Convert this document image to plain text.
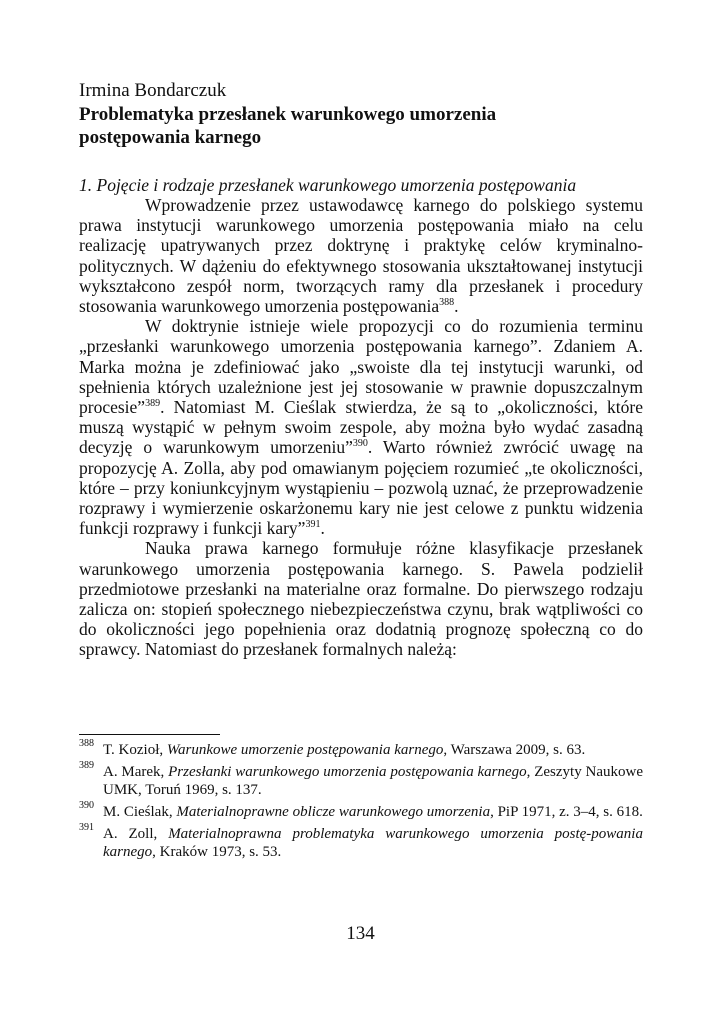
Irmina Bondarczuk
Problematyka przesłanek warunkowego umorzenia
postępowania karnego
1. Pojęcie i rodzaje przesłanek warunkowego umorzenia postępowania

Wprowadzenie przez ustawodawcę karnego do polskiego systemu prawa instytucji warunkowego umorzenia postępowania miało na celu realizację upatrywanych przez doktrynę i praktykę celów kryminalno-politycznych. W dążeniu do efektywnego stosowania ukształtowanej instytucji wykształcono zespół norm, tworzących ramy dla przesłanek i procedury stosowania warunkowego umorzenia postępowania$^{388}$.

W doktrynie istnieje wiele propozycji co do rozumienia terminu „przesłanki warunkowego umorzenia postępowania karnego”. Zdaniem A. Marka można je zdefiniować jako „swoiste dla tej instytucji warunki, od spełnienia których uzależnione jest jej stosowanie w prawnie dopuszczalnym procesie”$^{389}$. Natomiast M. Cieślak stwierdza, że są to „okoliczności, które muszą wystąpić w pełnym swoim zespole, aby można było wydać zasadną decyzję o warunkowym umorzeniu”$^{390}$. Warto również zwrócić uwagę na propozycję A. Zolla, aby pod omawianym pojęciem rozumieć „te okoliczności, które – przy koniunkcyjnym wystąpieniu – pozwolą uznać, że przeprowadzenie rozprawy i wymierzenie oskarżonemu kary nie jest celowe z punktu widzenia funkcji rozprawy i funkcji kary”$^{391}$.

Nauka prawa karnego formułuje różne klasyfikacje przesłanek warunkowego umorzenia postępowania karnego. S. Pawela podzielił przedmiotowe przesłanki na materialne oraz formalne. Do pierwszego rodzaju zalicza on: stopień społecznego niebezpieczeństwa czynu, brak wątpliwości co do okoliczności jego popełnienia oraz dodatnią prognozę społeczną co do sprawcy. Natomiast do przesłanek formalnych należą:

388 T. Kozioł, Warunkowe umorzenie postępowania karnego, Warszawa 2009, s. 63.
389 A. Marek, Przesłanki warunkowego umorzenia postępowania karnego, Zeszyty Naukowe UMK, Toruń 1969, s. 137.
390 M. Cieślak, Materialnoprawne oblicze warunkowego umorzenia, PiP 1971, z. 3–4, s. 618.
391 A. Zoll, Materialnoprawna problematyka warunkowego umorzenia postę-powania karnego, Kraków 1973, s. 53.
134
